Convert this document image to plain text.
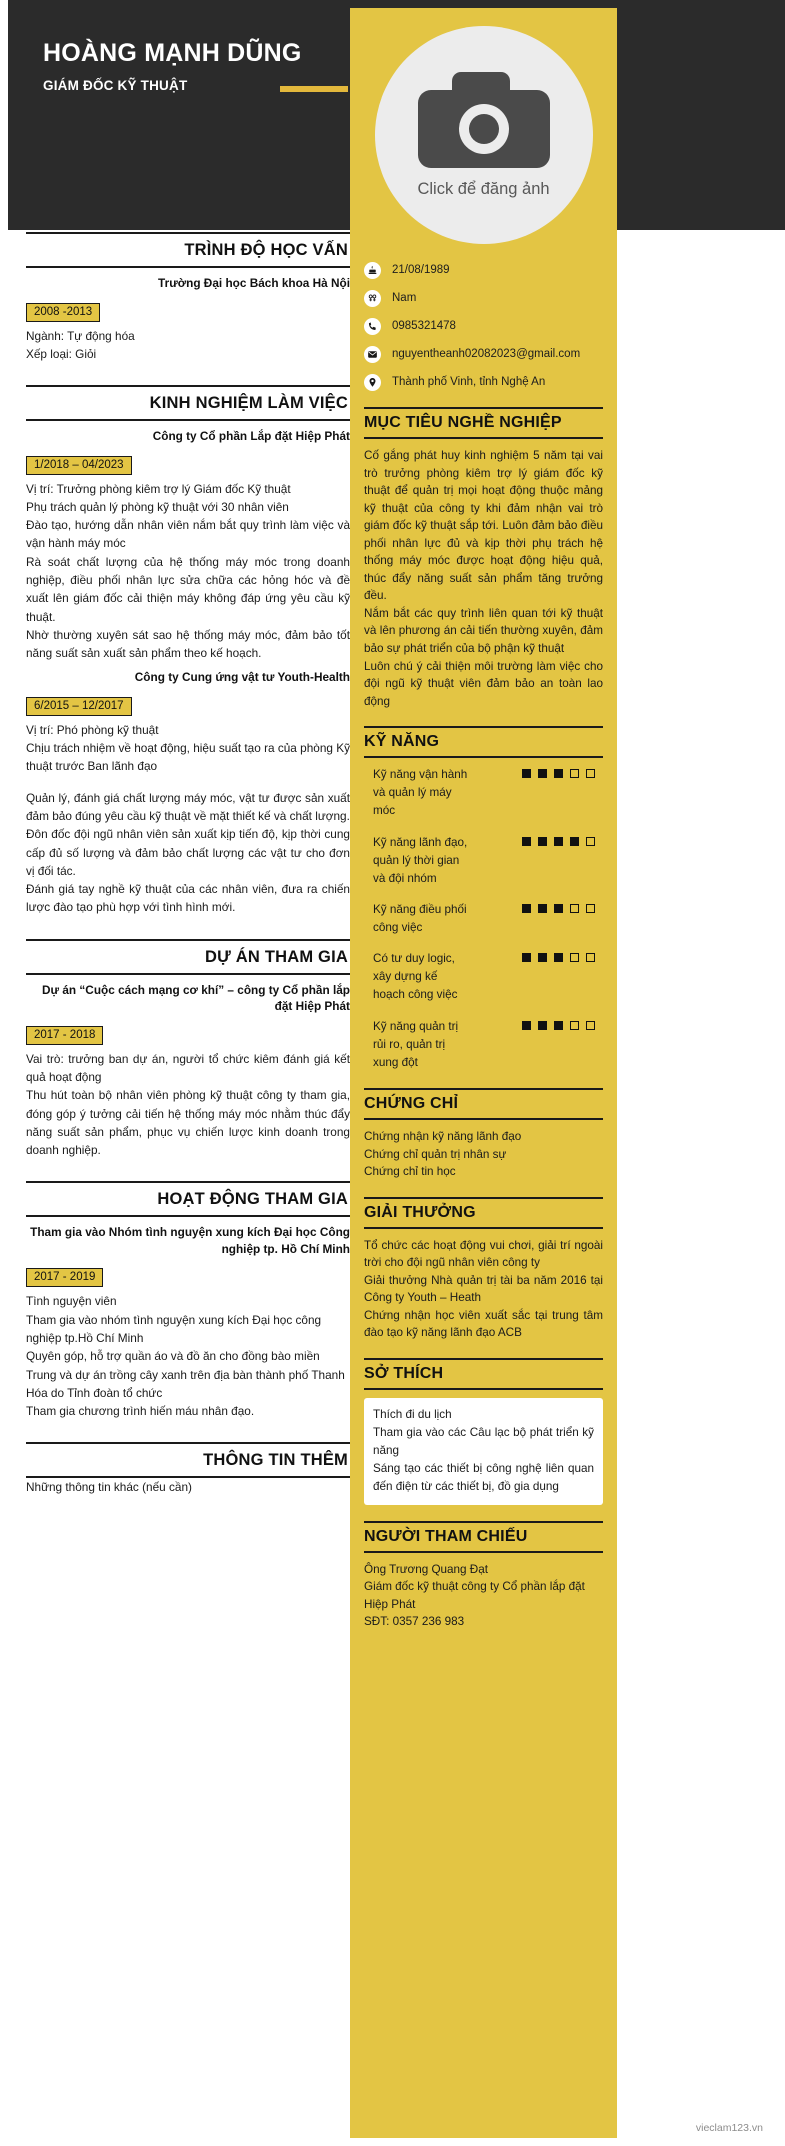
HOÀNG MẠNH DŨNG
GIÁM ĐỐC KỸ THUẬT
Click để đăng ảnh
21/08/1989
Nam
0985321478
nguyentheanh02082023@gmail.com
Thành phố Vinh, tỉnh Nghệ An
MỤC TIÊU NGHỀ NGHIỆP
Cố gắng phát huy kinh nghiệm 5 năm tại vai trò trưởng phòng kiêm trợ lý giám đốc kỹ thuật để quản trị mọi hoạt động thuộc mảng kỹ thuật của công ty khi đảm nhận vai trò giám đốc kỹ thuật sắp tới. Luôn đảm bảo điều phối nhân lực đủ và kịp thời phụ trách hệ thống máy móc được hoạt động hiệu quả, thúc đẩy năng suất sản phẩm tăng trưởng đều.
Nắm bắt các quy trình liên quan tới kỹ thuật và lên phương án cải tiến thường xuyên, đảm bảo sự phát triển của bộ phận kỹ thuật
Luôn chú ý cải thiện môi trường làm việc cho đội ngũ kỹ thuật viên đảm bảo an toàn lao động
KỸ NĂNG
Kỹ năng vận hành và quản lý máy móc
Kỹ năng lãnh đạo, quản lý thời gian và đội nhóm
Kỹ năng điều phối công việc
Có tư duy logic, xây dựng kế hoạch công việc
Kỹ năng quản trị rủi ro, quản trị xung đột
CHỨNG CHỈ
Chứng nhận kỹ năng lãnh đạo
Chứng chỉ quản trị nhân sự
Chứng chỉ tin học
GIẢI THƯỞNG
Tổ chức các hoạt động vui chơi, giải trí ngoài trời cho đội ngũ nhân viên công ty
Giải thưởng Nhà quản trị tài ba năm 2016 tại Công ty Youth – Heath
Chứng nhận học viên xuất sắc tại trung tâm đào tạo kỹ năng lãnh đạo ACB
SỞ THÍCH
Thích đi du lịch
Tham gia vào các Câu lạc bộ phát triển kỹ năng
Sáng tạo các thiết bị công nghệ liên quan đến điện từ các thiết bị, đồ gia dụng
NGƯỜI THAM CHIẾU
Ông Trương Quang Đạt
Giám đốc kỹ thuật công ty Cổ phần lắp đặt Hiệp Phát
SĐT: 0357 236 983
TRÌNH ĐỘ HỌC VẤN
Trường Đại học Bách khoa Hà Nội
2008 -2013
Ngành: Tự động hóa
Xếp loại: Giỏi
KINH NGHIỆM LÀM VIỆC
Công ty Cổ phần Lắp đặt Hiệp Phát
1/2018 – 04/2023
Vị trí: Trưởng phòng kiêm trợ lý Giám đốc Kỹ thuật
Phụ trách quản lý phòng kỹ thuật với 30 nhân viên
Đào tạo, hướng dẫn nhân viên nắm bắt quy trình làm việc và vận hành máy móc
Rà soát chất lượng của hệ thống máy móc trong doanh nghiệp, điều phối nhân lực sửa chữa các hỏng hóc và đề xuất lên giám đốc cải thiện máy không đáp ứng yêu cầu kỹ thuật.
Nhờ thường xuyên sát sao hệ thống máy móc, đảm bảo tốt năng suất sản xuất sản phẩm theo kế hoạch.
Công ty Cung ứng vật tư Youth-Health
6/2015 – 12/2017
Vị trí: Phó phòng kỹ thuật
Chịu trách nhiệm về hoạt động, hiệu suất tạo ra của phòng Kỹ thuật trước Ban lãnh đạo
Quản lý, đánh giá chất lượng máy móc, vật tư được sản xuất đảm bảo đúng yêu cầu kỹ thuật về mặt thiết kế và chất lượng.
Đôn đốc đội ngũ nhân viên sản xuất kịp tiến độ, kịp thời cung cấp đủ số lượng và đảm bảo chất lượng các vật tư cho đơn vị đối tác.
Đánh giá tay nghề kỹ thuật của các nhân viên, đưa ra chiến lược đào tạo phù hợp với tình hình mới.
DỰ ÁN THAM GIA
Dự án “Cuộc cách mạng cơ khí” – công ty Cổ phần lắp đặt Hiệp Phát
2017 - 2018
Vai trò: trưởng ban dự án, người tổ chức kiêm đánh giá kết quả hoạt động
Thu hút toàn bộ nhân viên phòng kỹ thuật công ty tham gia, đóng góp ý tưởng cải tiến hệ thống máy móc nhằm thúc đẩy năng suất sản phẩm, phục vụ chiến lược kinh doanh trong doanh nghiệp.
HOẠT ĐỘNG THAM GIA
Tham gia vào Nhóm tình nguyện xung kích Đại học Công nghiệp tp. Hồ Chí Minh
2017 - 2019
Tình nguyện viên
Tham gia vào nhóm tình nguyện xung kích Đại học công nghiệp tp.Hồ Chí Minh
Quyên góp, hỗ trợ quần áo và đồ ăn cho đồng bào miền Trung và dự án trồng cây xanh trên địa bàn thành phố Thanh Hóa do Tỉnh đoàn tổ chức
Tham gia chương trình hiến máu nhân đạo.
THÔNG TIN THÊM
Những thông tin khác (nếu cần)
vieclam123.vn
